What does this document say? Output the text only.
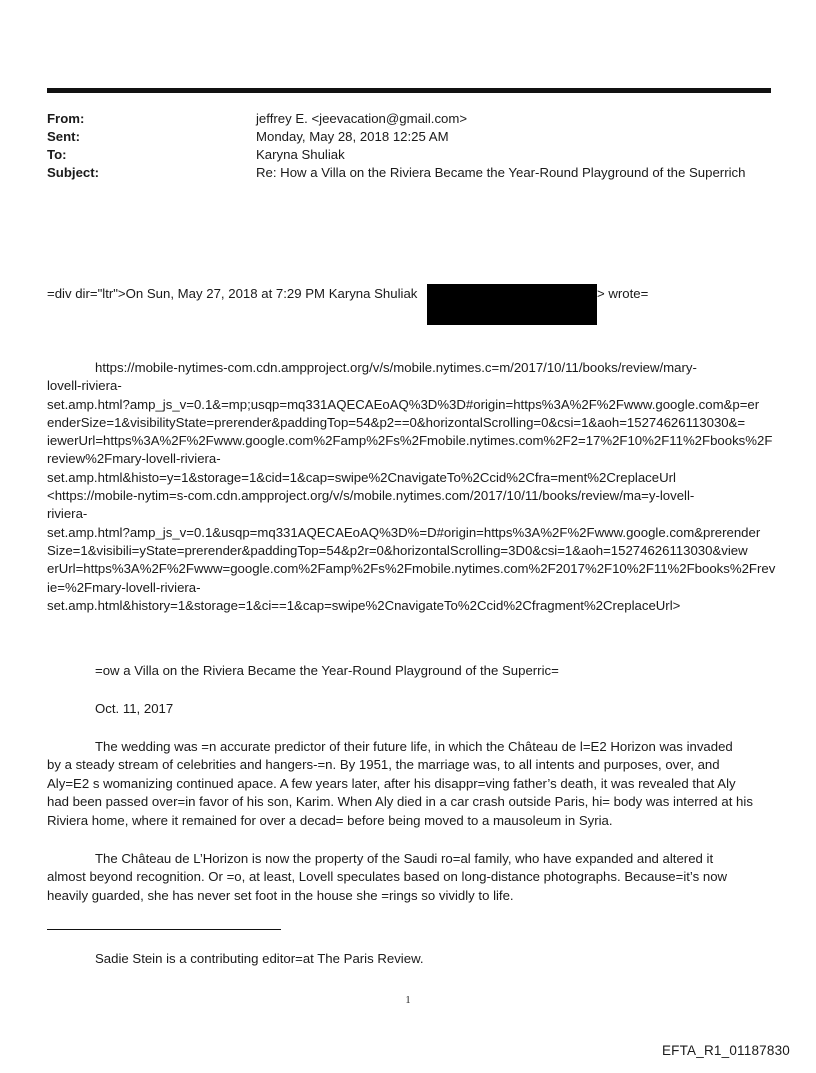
From:	jeffrey E. <jeevacation@gmail.com>
Sent:	Monday, May 28, 2018 12:25 AM
To:	Karyna Shuliak
Subject:	Re: How a Villa on the Riviera Became the Year-Round Playground of the Superrich
=div dir="ltr">On Sun, May 27, 2018 at 7:29 PM Karyna Shuliak	> wrote=
https://mobile-nytimes-com.cdn.ampproject.org/v/s/mobile.nytimes.c=m/2017/10/11/books/review/mary-
lovell-riviera-
set.amp.html?amp_js_v=0.1&=mp;usqp=mq331AQECAEoAQ%3D%3D#origin=https%3A%2F%2Fwww.google.com&p=er
enderSize=1&visibilityState=prerender&paddingTop=54&p2==0&horizontalScrolling=0&csi=1&aoh=15274626113030&=
iewerUrl=https%3A%2F%2Fwww.google.com%2Famp%2Fs%2Fmobile.nytimes.com%2F2=17%2F10%2F11%2Fbooks%2F
review%2Fmary-lovell-riviera-
set.amp.html&histo=y=1&storage=1&cid=1&cap=swipe%2CnavigateTo%2Ccid%2Cfra=ment%2CreplaceUrl
<https://mobile-nytim=s-com.cdn.ampproject.org/v/s/mobile.nytimes.com/2017/10/11/books/review/ma=y-lovell-
riviera-
set.amp.html?amp_js_v=0.1&usqp=mq331AQECAEoAQ%3D%=D#origin=https%3A%2F%2Fwww.google.com&prerender
Size=1&visibili=yState=prerender&paddingTop=54&p2r=0&horizontalScrolling=3D0&csi=1&aoh=15274626113030&view
erUrl=https%3A%2F%2Fwww=google.com%2Famp%2Fs%2Fmobile.nytimes.com%2F2017%2F10%2F11%2Fbooks%2Frev
ie=%2Fmary-lovell-riviera-
set.amp.html&history=1&storage=1&ci==1&cap=swipe%2CnavigateTo%2Ccid%2Cfragment%2CreplaceUrl>
=ow a Villa on the Riviera Became the Year-Round Playground of the Superric=
Oct. 11, 2017
The wedding was =n accurate predictor of their future life, in which the Château de l=E2 Horizon was invaded
by a steady stream of celebrities and hangers-=n. By 1951, the marriage was, to all intents and purposes, over, and
Aly=E2 s womanizing continued apace. A few years later, after his disappr=ving father’s death, it was revealed that Aly
had been passed over=in favor of his son, Karim. When Aly died in a car crash outside Paris, hi= body was interred at his
Riviera home, where it remained for over a decad= before being moved to a mausoleum in Syria.
The Château de L’Horizon is now the property of the Saudi ro=al family, who have expanded and altered it
almost beyond recognition. Or =o, at least, Lovell speculates based on long-distance photographs. Because=it’s now
heavily guarded, she has never set foot in the house she =rings so vividly to life.
Sadie Stein is a contributing editor=at The Paris Review.
1
EFTA_R1_01187830
